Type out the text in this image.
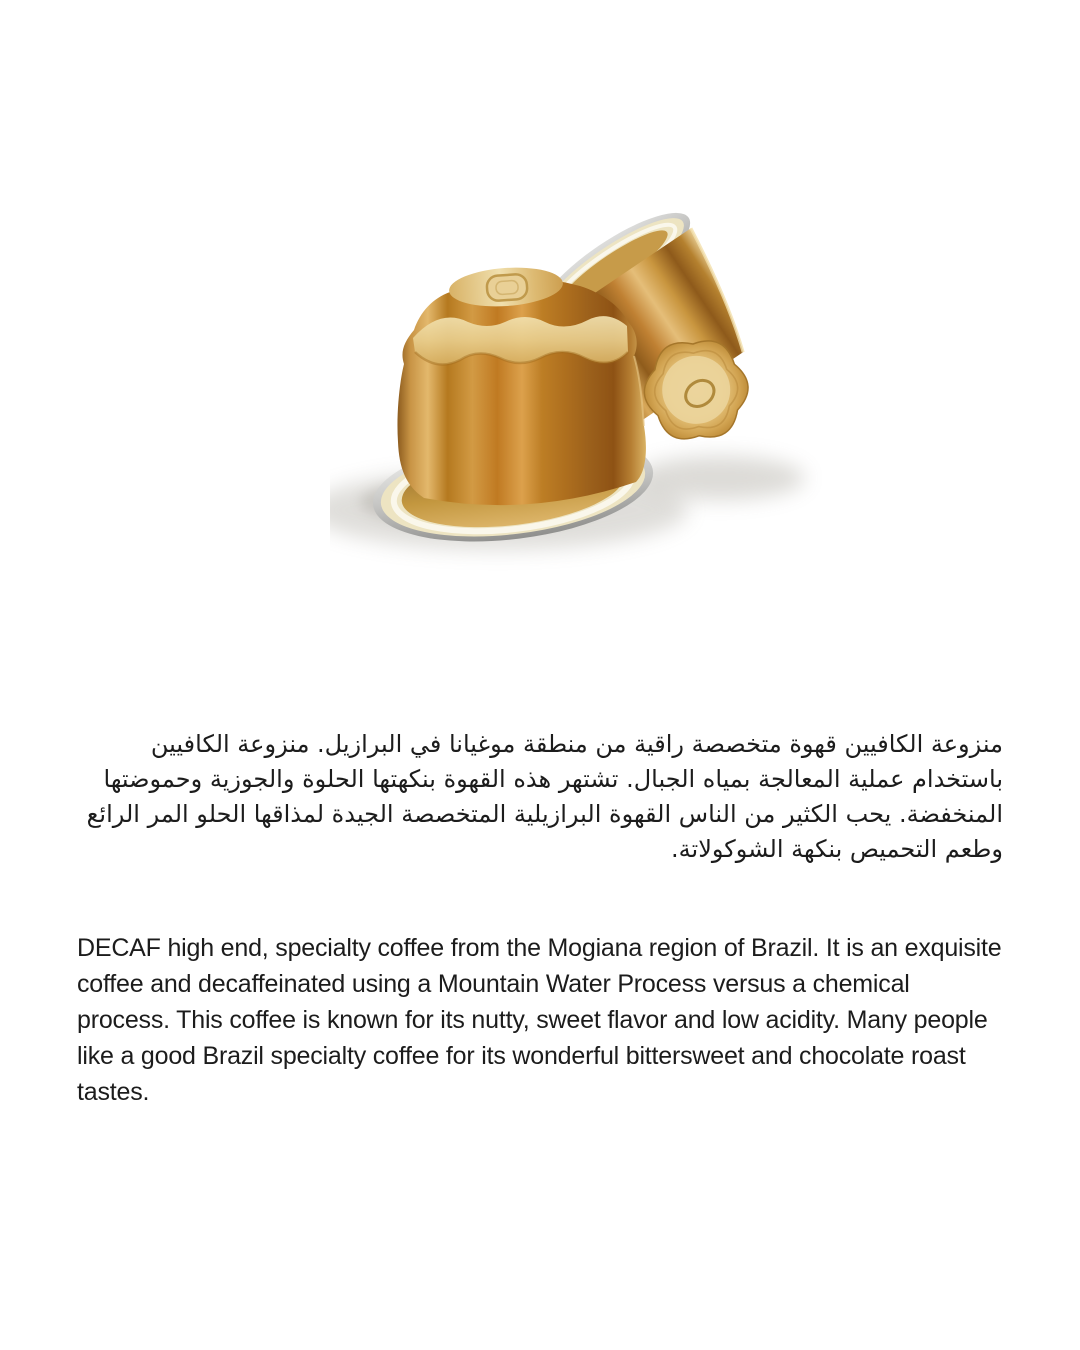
منزوعة الكافيين قهوة متخصصة راقية من منطقة موغيانا في البرازيل. منزوعة الكافيين باستخدام عملية المعالجة بمياه الجبال. تشتهر هذه القهوة بنكهتها الحلوة والجوزية وحموضتها المنخفضة. يحب الكثير من الناس القهوة البرازيلية المتخصصة الجيدة لمذاقها الحلو المر الرائع وطعم التحميص بنكهة الشوكولاتة.

DECAF high end, specialty coffee from the Mogiana region of Brazil. It is an exquisite coffee and decaffeinated using a Mountain Water Process versus a chemical process. This coffee is known for its nutty, sweet flavor and low acidity. Many people like a good Brazil specialty coffee for its wonderful bittersweet and chocolate roast tastes.
